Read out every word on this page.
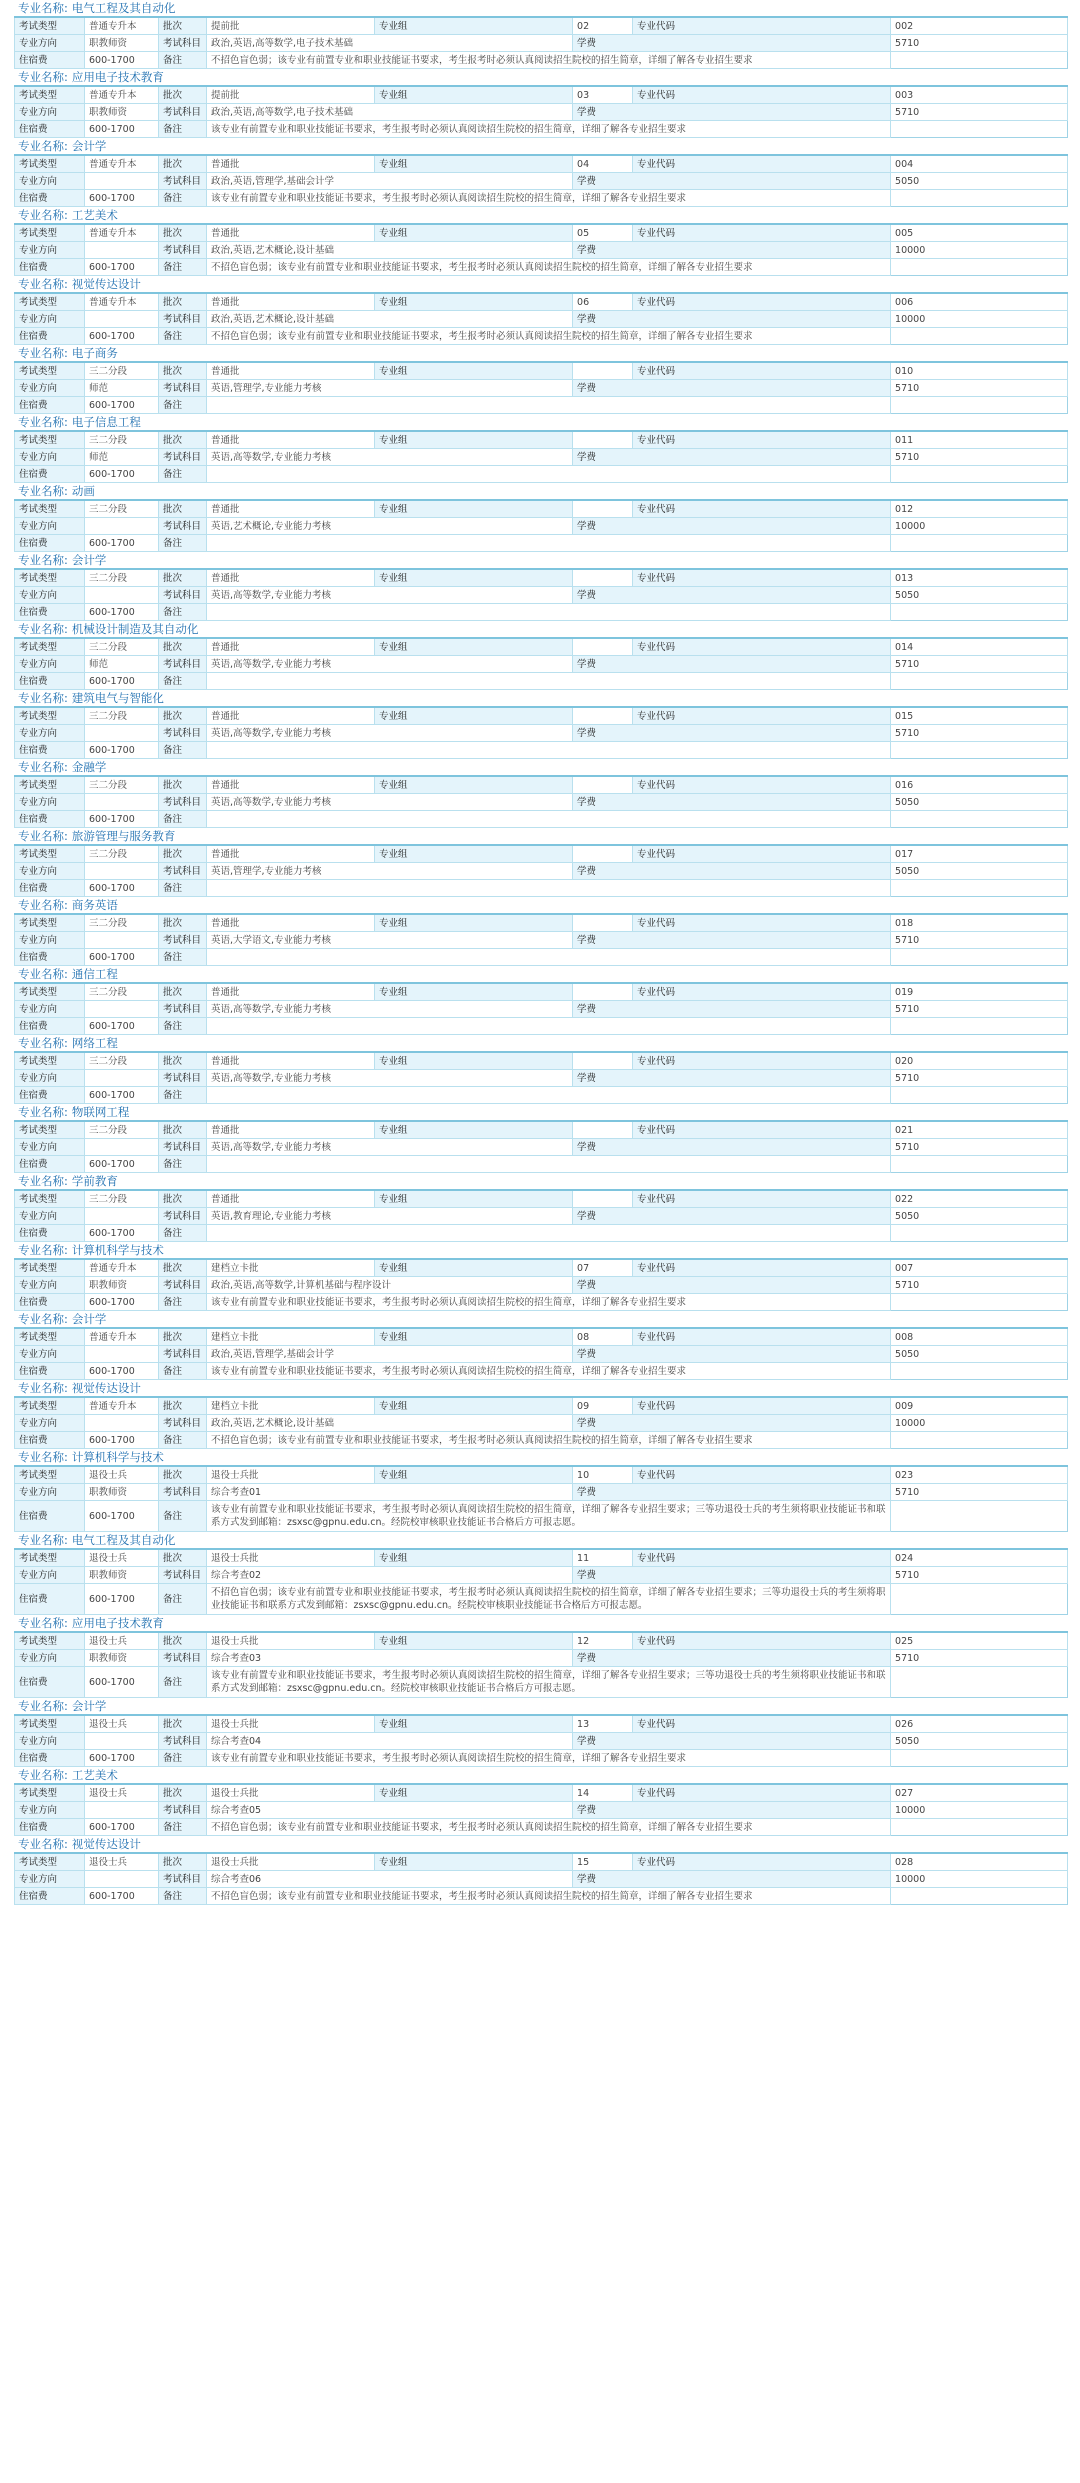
专业名称: 电气工程及其自动化
考试类型	普通专升本	批次	提前批	专业组	02	专业代码	002
专业方向	职教师资	考试科目	政治,英语,高等数学,电子技术基础		学费		5710
住宿费	600-1700	备注	不招色盲色弱；该专业有前置专业和职业技能证书要求，考生报考时必须认真阅读招生院校的招生简章，详细了解各专业招生要求				
专业名称: 应用电子技术教育
考试类型	普通专升本	批次	提前批	专业组	03	专业代码	003
专业方向	职教师资	考试科目	政治,英语,高等数学,电子技术基础		学费		5710
住宿费	600-1700	备注	该专业有前置专业和职业技能证书要求，考生报考时必须认真阅读招生院校的招生简章，详细了解各专业招生要求				
专业名称: 会计学
考试类型	普通专升本	批次	普通批	专业组	04	专业代码	004
专业方向		考试科目	政治,英语,管理学,基础会计学		学费		5050
住宿费	600-1700	备注	该专业有前置专业和职业技能证书要求，考生报考时必须认真阅读招生院校的招生简章，详细了解各专业招生要求				
专业名称: 工艺美术
考试类型	普通专升本	批次	普通批	专业组	05	专业代码	005
专业方向		考试科目	政治,英语,艺术概论,设计基础		学费		10000
住宿费	600-1700	备注	不招色盲色弱；该专业有前置专业和职业技能证书要求，考生报考时必须认真阅读招生院校的招生简章，详细了解各专业招生要求				
专业名称: 视觉传达设计
考试类型	普通专升本	批次	普通批	专业组	06	专业代码	006
专业方向		考试科目	政治,英语,艺术概论,设计基础		学费		10000
住宿费	600-1700	备注	不招色盲色弱；该专业有前置专业和职业技能证书要求，考生报考时必须认真阅读招生院校的招生简章，详细了解各专业招生要求				
专业名称: 电子商务
考试类型	三二分段	批次	普通批	专业组		专业代码	010
专业方向	师范	考试科目	英语,管理学,专业能力考核		学费		5710
住宿费	600-1700	备注					
专业名称: 电子信息工程
考试类型	三二分段	批次	普通批	专业组		专业代码	011
专业方向	师范	考试科目	英语,高等数学,专业能力考核		学费		5710
住宿费	600-1700	备注					
专业名称: 动画
考试类型	三二分段	批次	普通批	专业组		专业代码	012
专业方向		考试科目	英语,艺术概论,专业能力考核		学费		10000
住宿费	600-1700	备注					
专业名称: 会计学
考试类型	三二分段	批次	普通批	专业组		专业代码	013
专业方向		考试科目	英语,高等数学,专业能力考核		学费		5050
住宿费	600-1700	备注					
专业名称: 机械设计制造及其自动化
考试类型	三二分段	批次	普通批	专业组		专业代码	014
专业方向	师范	考试科目	英语,高等数学,专业能力考核		学费		5710
住宿费	600-1700	备注					
专业名称: 建筑电气与智能化
考试类型	三二分段	批次	普通批	专业组		专业代码	015
专业方向		考试科目	英语,高等数学,专业能力考核		学费		5710
住宿费	600-1700	备注					
专业名称: 金融学
考试类型	三二分段	批次	普通批	专业组		专业代码	016
专业方向		考试科目	英语,高等数学,专业能力考核		学费		5050
住宿费	600-1700	备注					
专业名称: 旅游管理与服务教育
考试类型	三二分段	批次	普通批	专业组		专业代码	017
专业方向		考试科目	英语,管理学,专业能力考核		学费		5050
住宿费	600-1700	备注					
专业名称: 商务英语
考试类型	三二分段	批次	普通批	专业组		专业代码	018
专业方向		考试科目	英语,大学语文,专业能力考核		学费		5710
住宿费	600-1700	备注					
专业名称: 通信工程
考试类型	三二分段	批次	普通批	专业组		专业代码	019
专业方向		考试科目	英语,高等数学,专业能力考核		学费		5710
住宿费	600-1700	备注					
专业名称: 网络工程
考试类型	三二分段	批次	普通批	专业组		专业代码	020
专业方向		考试科目	英语,高等数学,专业能力考核		学费		5710
住宿费	600-1700	备注					
专业名称: 物联网工程
考试类型	三二分段	批次	普通批	专业组		专业代码	021
专业方向		考试科目	英语,高等数学,专业能力考核		学费		5710
住宿费	600-1700	备注					
专业名称: 学前教育
考试类型	三二分段	批次	普通批	专业组		专业代码	022
专业方向		考试科目	英语,教育理论,专业能力考核		学费		5050
住宿费	600-1700	备注					
专业名称: 计算机科学与技术
考试类型	普通专升本	批次	建档立卡批	专业组	07	专业代码	007
专业方向	职教师资	考试科目	政治,英语,高等数学,计算机基础与程序设计		学费		5710
住宿费	600-1700	备注	该专业有前置专业和职业技能证书要求，考生报考时必须认真阅读招生院校的招生简章，详细了解各专业招生要求				
专业名称: 会计学
考试类型	普通专升本	批次	建档立卡批	专业组	08	专业代码	008
专业方向		考试科目	政治,英语,管理学,基础会计学		学费		5050
住宿费	600-1700	备注	该专业有前置专业和职业技能证书要求，考生报考时必须认真阅读招生院校的招生简章，详细了解各专业招生要求				
专业名称: 视觉传达设计
考试类型	普通专升本	批次	建档立卡批	专业组	09	专业代码	009
专业方向		考试科目	政治,英语,艺术概论,设计基础		学费		10000
住宿费	600-1700	备注	不招色盲色弱；该专业有前置专业和职业技能证书要求，考生报考时必须认真阅读招生院校的招生简章，详细了解各专业招生要求				
专业名称: 计算机科学与技术
考试类型	退役士兵	批次	退役士兵批	专业组	10	专业代码	023
专业方向	职教师资	考试科目	综合考查01		学费		5710
住宿费	600-1700	备注	该专业有前置专业和职业技能证书要求，考生报考时必须认真阅读招生院校的招生简章，详细了解各专业招生要求；三等功退役士兵的考生须将职业技能证书和联系方式发到邮箱：zsxsc@gpnu.edu.cn。经院校审核职业技能证书合格后方可报志愿。				
专业名称: 电气工程及其自动化
考试类型	退役士兵	批次	退役士兵批	专业组	11	专业代码	024
专业方向	职教师资	考试科目	综合考查02		学费		5710
住宿费	600-1700	备注	不招色盲色弱；该专业有前置专业和职业技能证书要求，考生报考时必须认真阅读招生院校的招生简章，详细了解各专业招生要求；三等功退役士兵的考生须将职业技能证书和联系方式发到邮箱：zsxsc@gpnu.edu.cn。经院校审核职业技能证书合格后方可报志愿。				
专业名称: 应用电子技术教育
考试类型	退役士兵	批次	退役士兵批	专业组	12	专业代码	025
专业方向	职教师资	考试科目	综合考查03		学费		5710
住宿费	600-1700	备注	该专业有前置专业和职业技能证书要求，考生报考时必须认真阅读招生院校的招生简章，详细了解各专业招生要求；三等功退役士兵的考生须将职业技能证书和联系方式发到邮箱：zsxsc@gpnu.edu.cn。经院校审核职业技能证书合格后方可报志愿。				
专业名称: 会计学
考试类型	退役士兵	批次	退役士兵批	专业组	13	专业代码	026
专业方向		考试科目	综合考查04		学费		5050
住宿费	600-1700	备注	该专业有前置专业和职业技能证书要求，考生报考时必须认真阅读招生院校的招生简章，详细了解各专业招生要求				
专业名称: 工艺美术
考试类型	退役士兵	批次	退役士兵批	专业组	14	专业代码	027
专业方向		考试科目	综合考查05		学费		10000
住宿费	600-1700	备注	不招色盲色弱；该专业有前置专业和职业技能证书要求，考生报考时必须认真阅读招生院校的招生简章，详细了解各专业招生要求				
专业名称: 视觉传达设计
考试类型	退役士兵	批次	退役士兵批	专业组	15	专业代码	028
专业方向		考试科目	综合考查06		学费		10000
住宿费	600-1700	备注	不招色盲色弱；该专业有前置专业和职业技能证书要求，考生报考时必须认真阅读招生院校的招生简章，详细了解各专业招生要求				
